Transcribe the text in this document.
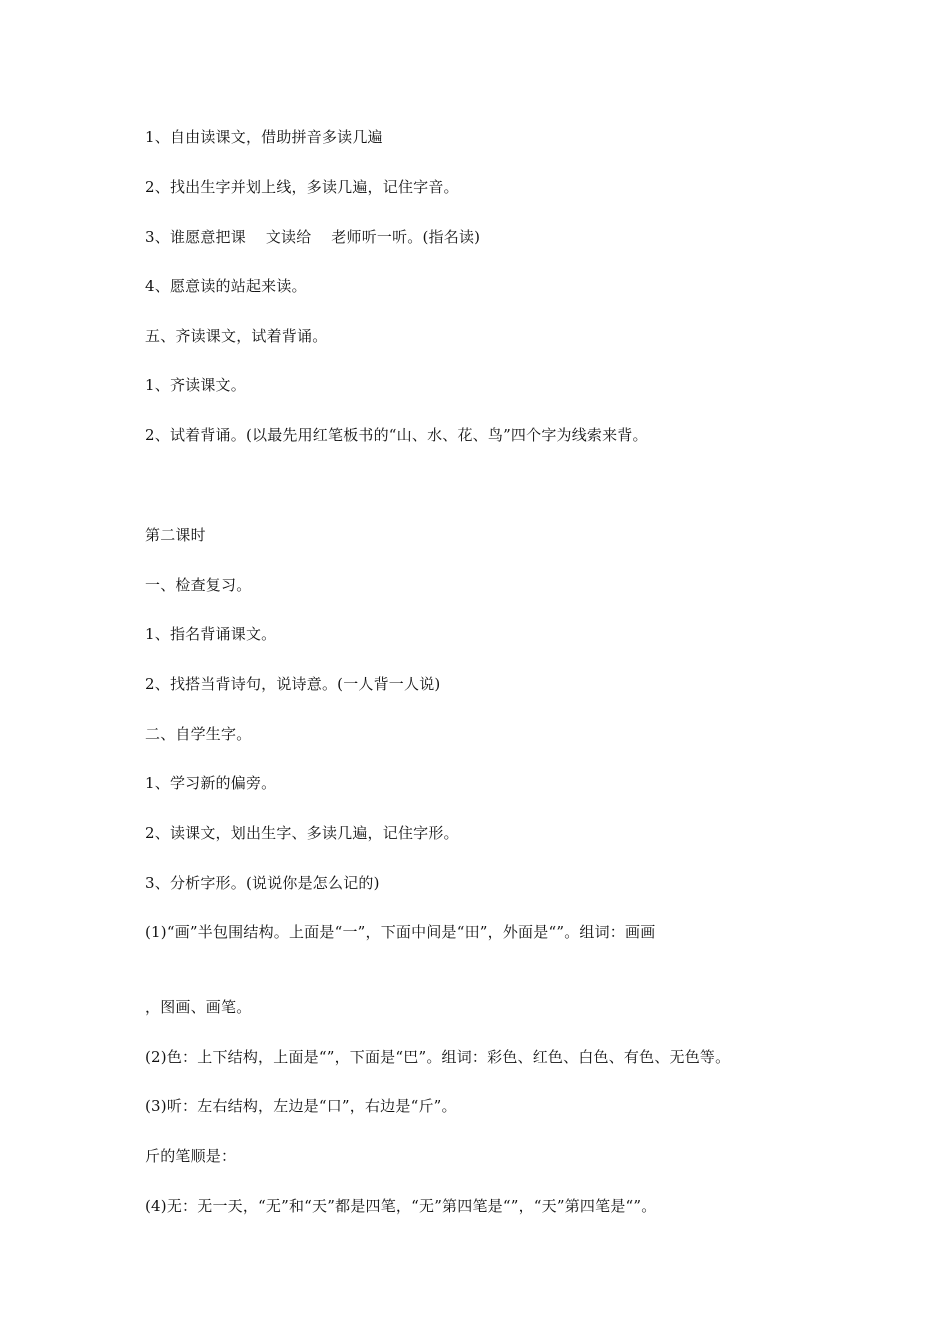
1、自由读课文，借助拼音多读几遍
2、找出生字并划上线，多读几遍，记住字音。
3、谁愿意把课    文读给    老师听一听。(指名读)
4、愿意读的站起来读。
五、齐读课文，试着背诵。
1、齐读课文。
2、试着背诵。(以最先用红笔板书的“山、水、花、鸟”四个字为线索来背。
第二课时
一、检查复习。
1、指名背诵课文。
2、找搭当背诗句，说诗意。(一人背一人说)
二、自学生字。
1、学习新的偏旁。
2、读课文，划出生字、多读几遍，记住字形。
3、分析字形。(说说你是怎么记的)
(1)“画”半包围结构。上面是“一”，下面中间是“田”，外面是“”。组词：画画
，图画、画笔。
(2)色：上下结构，上面是“”，下面是“巴”。组词：彩色、红色、白色、有色、无色等。
(3)听：左右结构，左边是“口”，右边是“斤”。
斤的笔顺是：
(4)无：无一天，“无”和“天”都是四笔，“无”第四笔是“”，“天”第四笔是“”。
